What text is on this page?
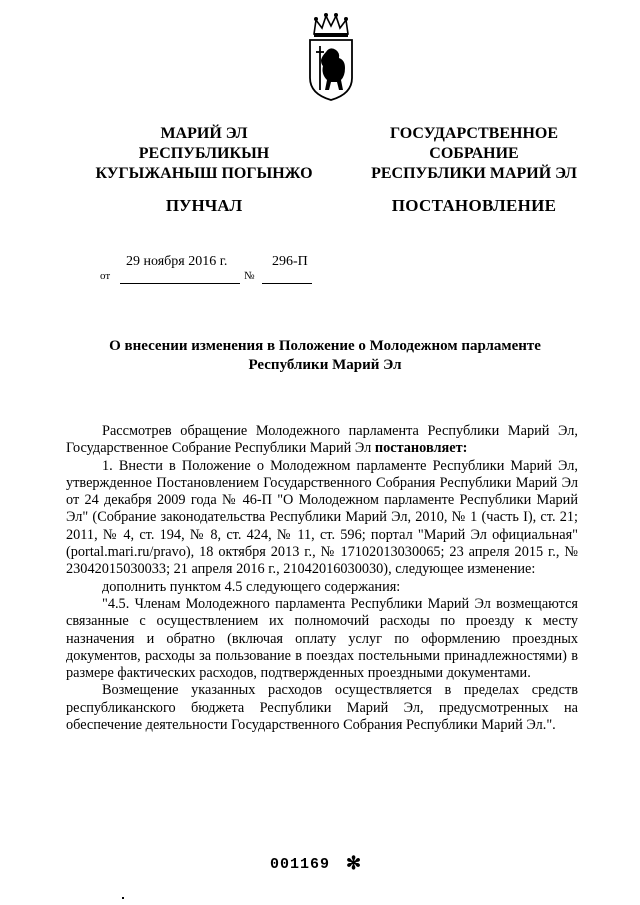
МАРИЙ ЭЛ
РЕСПУБЛИКЫН
КУГЫЖАНЫШ ПОГЫНЖО
ГОСУДАРСТВЕННОЕ
СОБРАНИЕ
РЕСПУБЛИКИ МАРИЙ ЭЛ
ПУНЧАЛ	ПОСТАНОВЛЕНИЕ
от
29 ноября 2016 г.
№
296-П
О внесении изменения в Положение о Молодежном парламенте
Республики Марий Эл

Рассмотрев обращение Молодежного парламента Республики Марий Эл, Государственное Собрание Республики Марий Эл постановляет:

1. Внести в Положение о Молодежном парламенте Республики Марий Эл, утвержденное Постановлением Государственного Собрания Республики Марий Эл от 24 декабря 2009 года № 46-П "О Молодежном парламенте Республики Марий Эл" (Собрание законодательства Республики Марий Эл, 2010, № 1 (часть I), ст. 21; 2011, № 4, ст. 194, № 8, ст. 424, № 11, ст. 596; портал "Марий Эл официальная" (portal.mari.ru/pravo), 18 октября 2013 г., № 17102013030065; 23 апреля 2015 г., № 23042015030033; 21 апреля 2016 г., 21042016030030), следующее изменение:

дополнить пунктом 4.5 следующего содержания:

"4.5. Членам Молодежного парламента Республики Марий Эл возмещаются связанные с осуществлением их полномочий расходы по проезду к месту назначения и обратно (включая оплату услуг по оформлению проездных документов, расходы за пользование в поездах постельными принадлежностями) в размере фактических расходов, подтвержденных проездными документами.

Возмещение указанных расходов осуществляется в пределах средств республиканского бюджета Республики Марий Эл, предусмотренных на обеспечение деятельности Государственного Собрания Республики Марий Эл.".

001169 ✻
